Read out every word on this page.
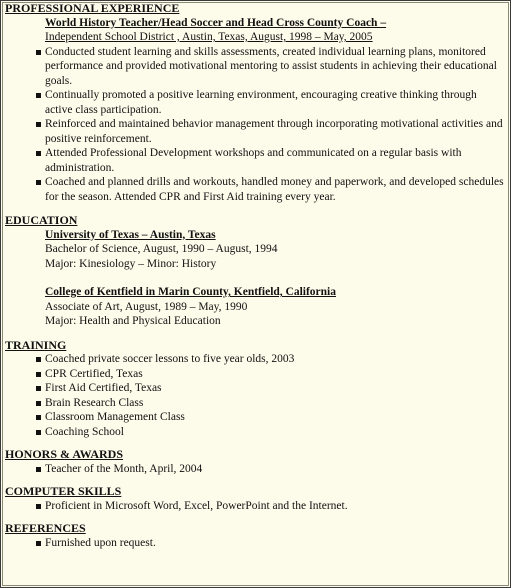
PROFESSIONAL EXPERIENCE
World History Teacher/Head Soccer and Head Cross County Coach –
Independent School District , Austin, Texas, August, 1998 – May, 2005
Conducted student learning and skills assessments, created individual learning plans, monitored performance and provided motivational mentoring to assist students in achieving their educational goals.
Continually promoted a positive learning environment, encouraging creative thinking through active class participation.
Reinforced and maintained behavior management through incorporating motivational activities and positive reinforcement.
Attended Professional Development workshops and communicated on a regular basis with administration.
Coached and planned drills and workouts, handled money and paperwork, and developed schedules for the season. Attended CPR and First Aid training every year.
EDUCATION

University of Texas – Austin, Texas

Bachelor of Science, August, 1990 – August, 1994

Major: Kinesiology – Minor: History

College of Kentfield in Marin County, Kentfield, California

Associate of Art, August, 1989 – May, 1990

Major: Health and Physical Education

TRAINING
Coached private soccer lessons to five year olds, 2003
CPR Certified, Texas
First Aid Certified, Texas
Brain Research Class
Classroom Management Class
Coaching School
HONORS & AWARDS
Teacher of the Month, April, 2004
COMPUTER SKILLS
Proficient in Microsoft Word, Excel, PowerPoint and the Internet.
REFERENCES
Furnished upon request.
